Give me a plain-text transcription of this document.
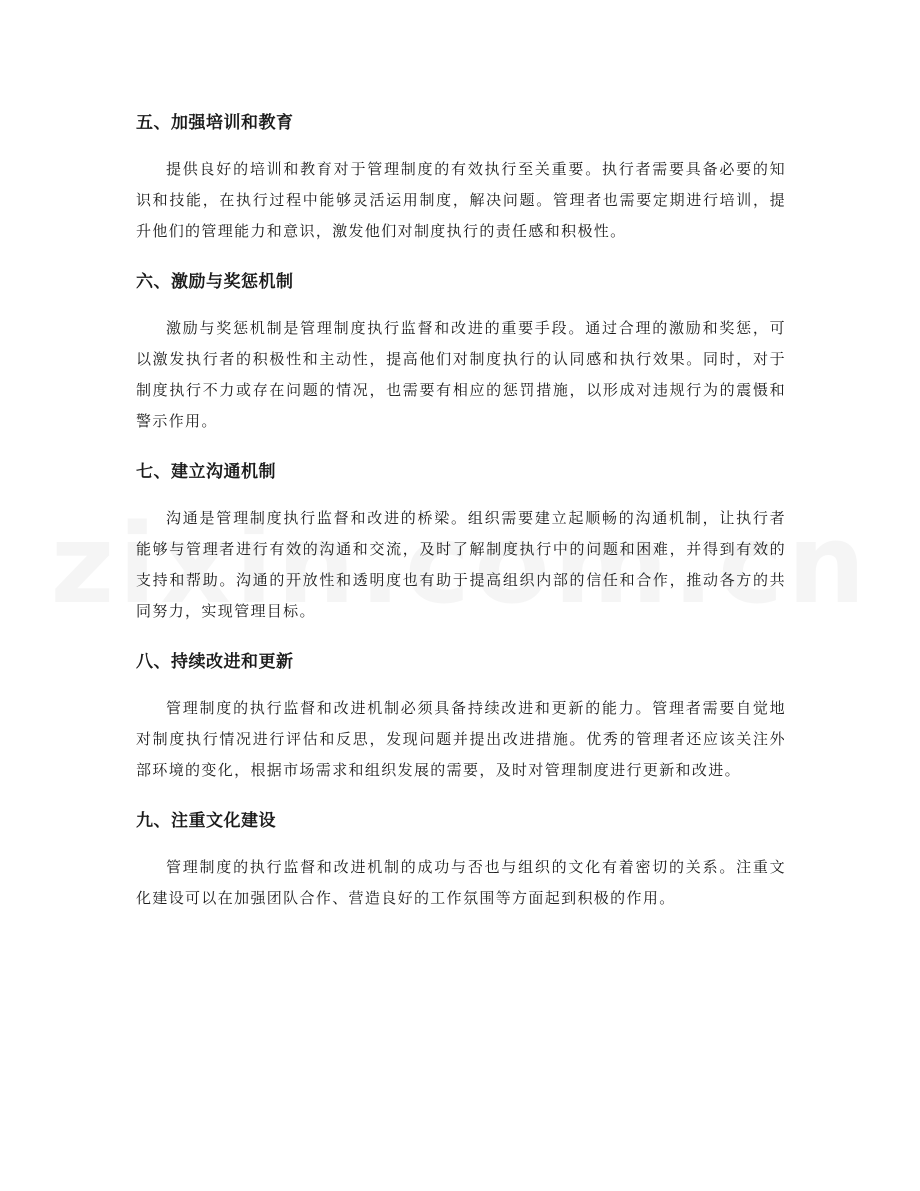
五、加强培训和教育

提供良好的培训和教育对于管理制度的有效执行至关重要。执行者需要具备必要的知识和技能，在执行过程中能够灵活运用制度，解决问题。管理者也需要定期进行培训，提升他们的管理能力和意识，激发他们对制度执行的责任感和积极性。

六、激励与奖惩机制

激励与奖惩机制是管理制度执行监督和改进的重要手段。通过合理的激励和奖惩，可以激发执行者的积极性和主动性，提高他们对制度执行的认同感和执行效果。同时，对于制度执行不力或存在问题的情况，也需要有相应的惩罚措施，以形成对违规行为的震慑和警示作用。

七、建立沟通机制

沟通是管理制度执行监督和改进的桥梁。组织需要建立起顺畅的沟通机制，让执行者能够与管理者进行有效的沟通和交流，及时了解制度执行中的问题和困难，并得到有效的支持和帮助。沟通的开放性和透明度也有助于提高组织内部的信任和合作，推动各方的共同努力，实现管理目标。

八、持续改进和更新

管理制度的执行监督和改进机制必须具备持续改进和更新的能力。管理者需要自觉地对制度执行情况进行评估和反思，发现问题并提出改进措施。优秀的管理者还应该关注外部环境的变化，根据市场需求和组织发展的需要，及时对管理制度进行更新和改进。

九、注重文化建设

管理制度的执行监督和改进机制的成功与否也与组织的文化有着密切的关系。注重文化建设可以在加强团队合作、营造良好的工作氛围等方面起到积极的作用。
